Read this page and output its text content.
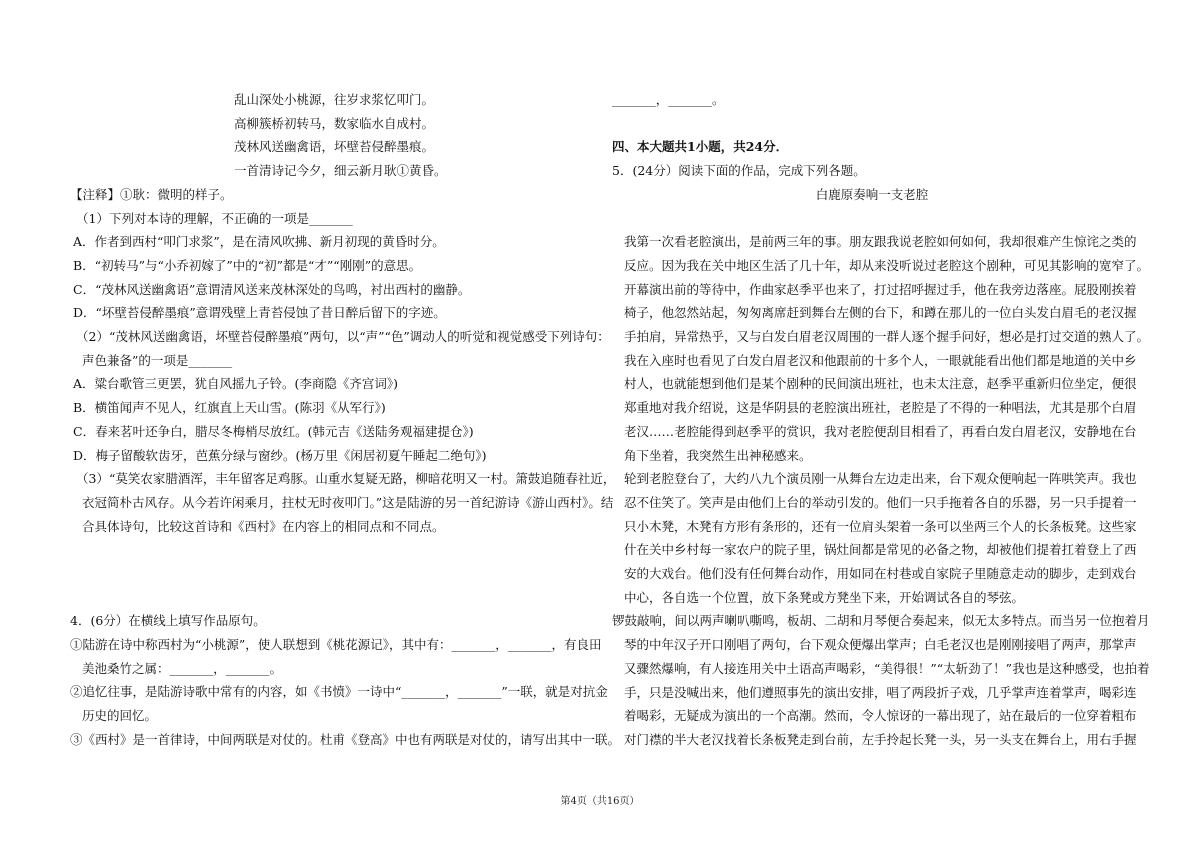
乱山深处小桃源，往岁求浆忆叩门。
高柳簇桥初转马，数家临水自成村。
茂林风送幽禽语，坏壁苔侵醉墨痕。
一首清诗记今夕，细云新月耿①黄昏。
【注释】①耿：微明的样子。
（1）下列对本诗的理解，不正确的一项是_______
A．作者到西村“叩门求浆”，是在清风吹拂、新月初现的黄昏时分。
B．“初转马”与“小乔初嫁了”中的“初”都是“才”“刚刚”的意思。
C．“茂林风送幽禽语”意谓清风送来茂林深处的鸟鸣，衬出西村的幽静。
D．“坏壁苔侵醉墨痕”意谓残壁上青苔侵蚀了昔日醉后留下的字迹。
（2）“茂林风送幽禽语，坏壁苔侵醉墨痕”两句，以“声”“色”调动人的听觉和视觉感受下列诗句：
声色兼备”的一项是_______
A．粱台歌管三更罢，犹自风摇九子铃。(李商隐《齐宫词》)
B．横笛闻声不见人，红旗直上天山雪。(陈羽《从军行》)
C．春来茗叶还争白，腊尽冬梅梢尽放红。(韩元吉《送陆务观福建提仓》)
D．梅子留酸软齿牙，芭蕉分绿与窗纱。(杨万里《闲居初夏午睡起二绝句》)
（3）“莫笑农家腊酒浑，丰年留客足鸡豚。山重水复疑无路，柳暗花明又一村。箫鼓追随春社近，
衣冠简朴古风存。从今若许闲乘月，拄杖无时夜叩门。”这是陆游的另一首纪游诗《游山西村》。结
合具体诗句，比较这首诗和《西村》在内容上的相同点和不同点。
4．(6分）在横线上填写作品原句。
①陆游在诗中称西村为“小桃源”，使人联想到《桃花源记》，其中有：_______，_______，有良田
美池桑竹之属：_______，_______。
②追忆往事，是陆游诗歌中常有的内容，如《书愤》一诗中“_______，_______”一联，就是对抗金
历史的回忆。
③《西村》是一首律诗，中间两联是对仗的。杜甫《登高》中也有两联是对仗的，请写出其中一联。
_______，_______。
四、本大题共1小题，共24分．
5．(24分）阅读下面的作品，完成下列各题。
白鹿原奏响一支老腔
我第一次看老腔演出，是前两三年的事。朋友跟我说老腔如何如何，我却很难产生惊诧之类的
反应。因为我在关中地区生活了几十年，却从来没听说过老腔这个剧种，可见其影响的宽窄了。
开幕演出前的等待中，作曲家赵季平也来了，打过招呼握过手，他在我旁边落座。屁股刚挨着
椅子，他忽然站起，匆匆离席赶到舞台左侧的台下，和蹲在那儿的一位白头发白眉毛的老汉握
手拍肩，异常热乎，又与白发白眉老汉周围的一群人逐个握手问好，想必是打过交道的熟人了。
我在入座时也看见了白发白眉老汉和他跟前的十多个人，一眼就能看出他们都是地道的关中乡
村人，也就能想到他们是某个剧种的民间演出班社，也未太注意，赵季平重新归位坐定，便很
郑重地对我介绍说，这是华阴县的老腔演出班社，老腔是了不得的一种唱法，尤其是那个白眉
老汉……老腔能得到赵季平的赏识，我对老腔便刮目相看了，再看白发白眉老汉，安静地在台
角下坐着，我突然生出神秘感来。
轮到老腔登台了，大约八九个演员刚一从舞台左边走出来，台下观众便响起一阵哄笑声。我也
忍不住笑了。笑声是由他们上台的举动引发的。他们一只手拖着各自的乐器，另一只手提着一
只小木凳，木凳有方形有条形的，还有一位肩头架着一条可以坐两三个人的长条板凳。这些家
什在关中乡村每一家农户的院子里，锅灶间都是常见的必备之物，却被他们提着扛着登上了西
安的大戏台。他们没有任何舞台动作，用如同在村巷或自家院子里随意走动的脚步，走到戏台
中心，各自选一个位置，放下条凳或方凳坐下来，开始调试各自的琴弦。
锣鼓敲响，间以两声喇叭嘶鸣，板胡、二胡和月琴便合奏起来，似无太多特点。而当另一位抱着月
琴的中年汉子开口刚唱了两句，台下观众便爆出掌声；白毛老汉也是刚刚接唱了两声，那掌声
又骤然爆响，有人接连用关中土语高声喝彩，“美得很！”“太斩劲了！”我也是这种感受，也拍着
手，只是没喊出来，他们遵照事先的演出安排，唱了两段折子戏，几乎掌声连着掌声，喝彩连
着喝彩，无疑成为演出的一个高潮。然而，令人惊讶的一幕出现了，站在最后的一位穿着粗布
对门襟的半大老汉找着长条板凳走到台前，左手拎起长凳一头，另一头支在舞台上，用右手握
第4页（共16页）
